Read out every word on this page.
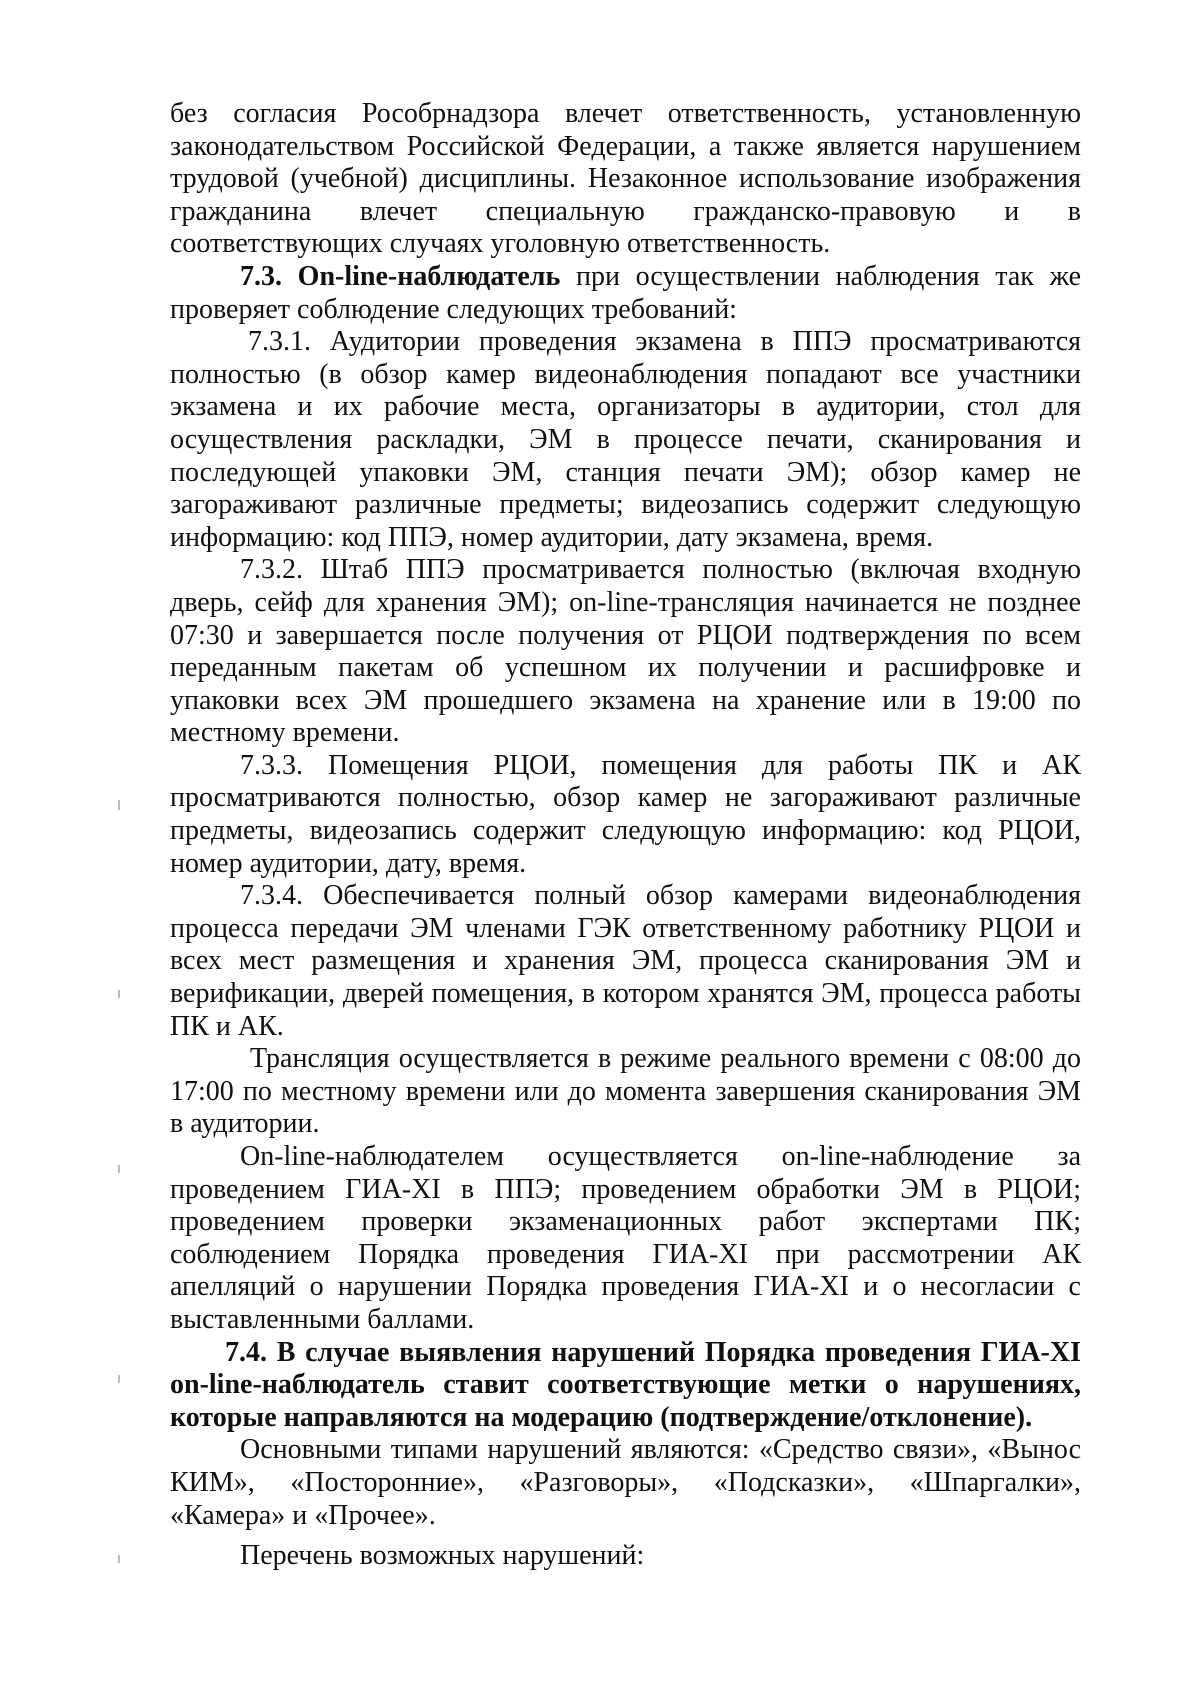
без согласия Рособрнадзора влечет ответственность, установленную законодательством Российской Федерации, а также является нарушением трудовой (учебной) дисциплины. Незаконное использование изображения гражданина влечет специальную гражданско-правовую и в соответствующих случаях уголовную ответственность.

7.3. On-line-наблюдатель при осуществлении наблюдения так же проверяет соблюдение следующих требований:

7.3.1. Аудитории проведения экзамена в ППЭ просматриваются полностью (в обзор камер видеонаблюдения попадают все участники экзамена и их рабочие места, организаторы в аудитории, стол для осуществления раскладки, ЭМ в процессе печати, сканирования и последующей упаковки ЭМ, станция печати ЭМ); обзор камер не загораживают различные предметы; видеозапись содержит следующую информацию: код ППЭ, номер аудитории, дату экзамена, время.

7.3.2. Штаб ППЭ просматривается полностью (включая входную дверь, сейф для хранения ЭМ); on-line-трансляция начинается не позднее 07:30 и завершается после получения от РЦОИ подтверждения по всем переданным пакетам об успешном их получении и расшифровке и упаковки всех ЭМ прошедшего экзамена на хранение или в 19:00 по местному времени.

7.3.3. Помещения РЦОИ, помещения для работы ПК и АК просматриваются полностью, обзор камер не загораживают различные предметы, видеозапись содержит следующую информацию: код РЦОИ, номер аудитории, дату, время.

7.3.4. Обеспечивается полный обзор камерами видеонаблюдения процесса передачи ЭМ членами ГЭК ответственному работнику РЦОИ и всех мест размещения и хранения ЭМ, процесса сканирования ЭМ и верификации, дверей помещения, в котором хранятся ЭМ, процесса работы ПК и АК.

Трансляция осуществляется в режиме реального времени с 08:00 до 17:00 по местному времени или до момента завершения сканирования ЭМ в аудитории.

On-line-наблюдателем осуществляется on-line-наблюдение за проведением ГИА-XI в ППЭ; проведением обработки ЭМ в РЦОИ; проведением проверки экзаменационных работ экспертами ПК; соблюдением Порядка проведения ГИА-XI при рассмотрении АК апелляций о нарушении Порядка проведения ГИА-XI и о несогласии с выставленными баллами.

7.4. В случае выявления нарушений Порядка проведения ГИА-XI on-line-наблюдатель ставит соответствующие метки о нарушениях, которые направляются на модерацию (подтверждение/отклонение).

Основными типами нарушений являются: «Средство связи», «Вынос КИМ», «Посторонние», «Разговоры», «Подсказки», «Шпаргалки», «Камера» и «Прочее».

Перечень возможных нарушений:
